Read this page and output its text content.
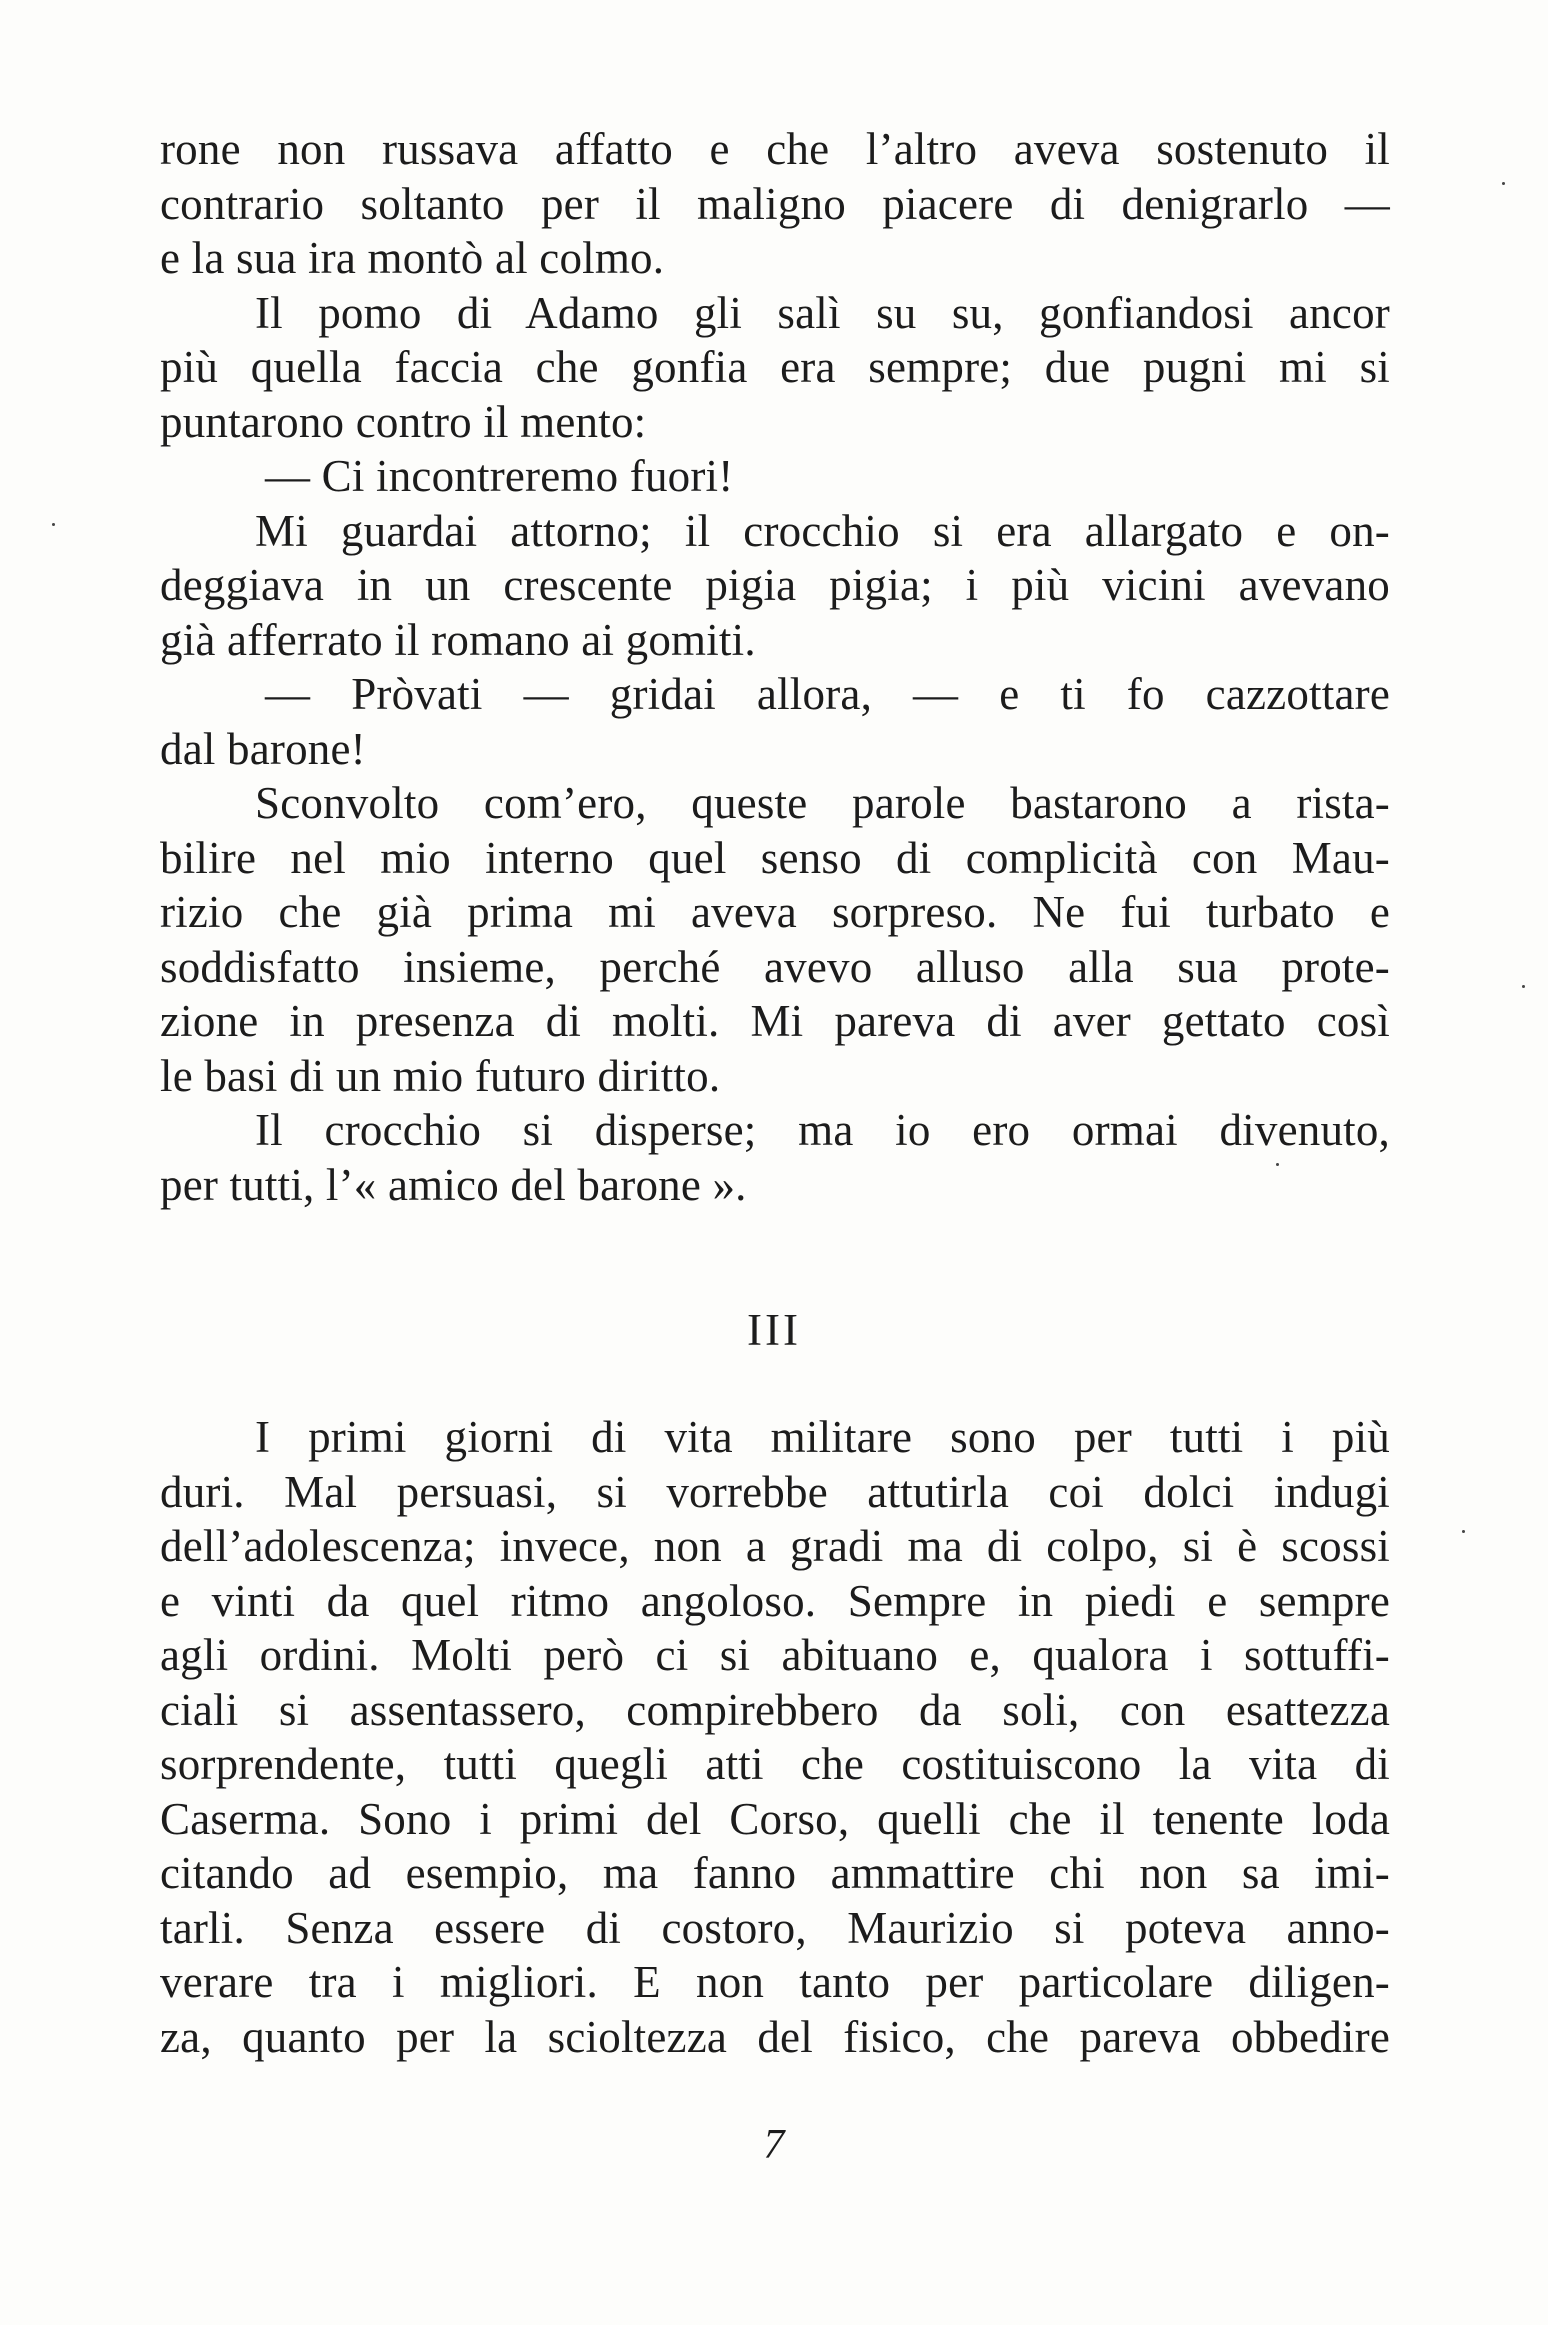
rone non russava affatto e che l’altro aveva sostenuto il
contrario soltanto per il maligno piacere di denigrarlo —
e la sua ira montò al colmo.
Il pomo di Adamo gli salì su su, gonfiandosi ancor
più quella faccia che gonfia era sempre; due pugni mi si
puntarono contro il mento:
— Ci incontreremo fuori!
Mi guardai attorno; il crocchio si era allargato e on-
deggiava in un crescente pigia pigia; i più vicini avevano
già afferrato il romano ai gomiti.
— Pròvati — gridai allora, — e ti fo cazzottare
dal barone!
Sconvolto com’ero, queste parole bastarono a rista-
bilire nel mio interno quel senso di complicità con Mau-
rizio che già prima mi aveva sorpreso. Ne fui turbato e
soddisfatto insieme, perché avevo alluso alla sua prote-
zione in presenza di molti. Mi pareva di aver gettato così
le basi di un mio futuro diritto.
Il crocchio si disperse; ma io ero ormai divenuto,
per tutti, l’« amico del barone ».
III
I primi giorni di vita militare sono per tutti i più
duri. Mal persuasi, si vorrebbe attutirla coi dolci indugi
dell’adolescenza; invece, non a gradi ma di colpo, si è scossi
e vinti da quel ritmo angoloso. Sempre in piedi e sempre
agli ordini. Molti però ci si abituano e, qualora i sottuffi-
ciali si assentassero, compirebbero da soli, con esattezza
sorprendente, tutti quegli atti che costituiscono la vita di
Caserma. Sono i primi del Corso, quelli che il tenente loda
citando ad esempio, ma fanno ammattire chi non sa imi-
tarli. Senza essere di costoro, Maurizio si poteva anno-
verare tra i migliori. E non tanto per particolare diligen-
za, quanto per la scioltezza del fisico, che pareva obbedire
7
